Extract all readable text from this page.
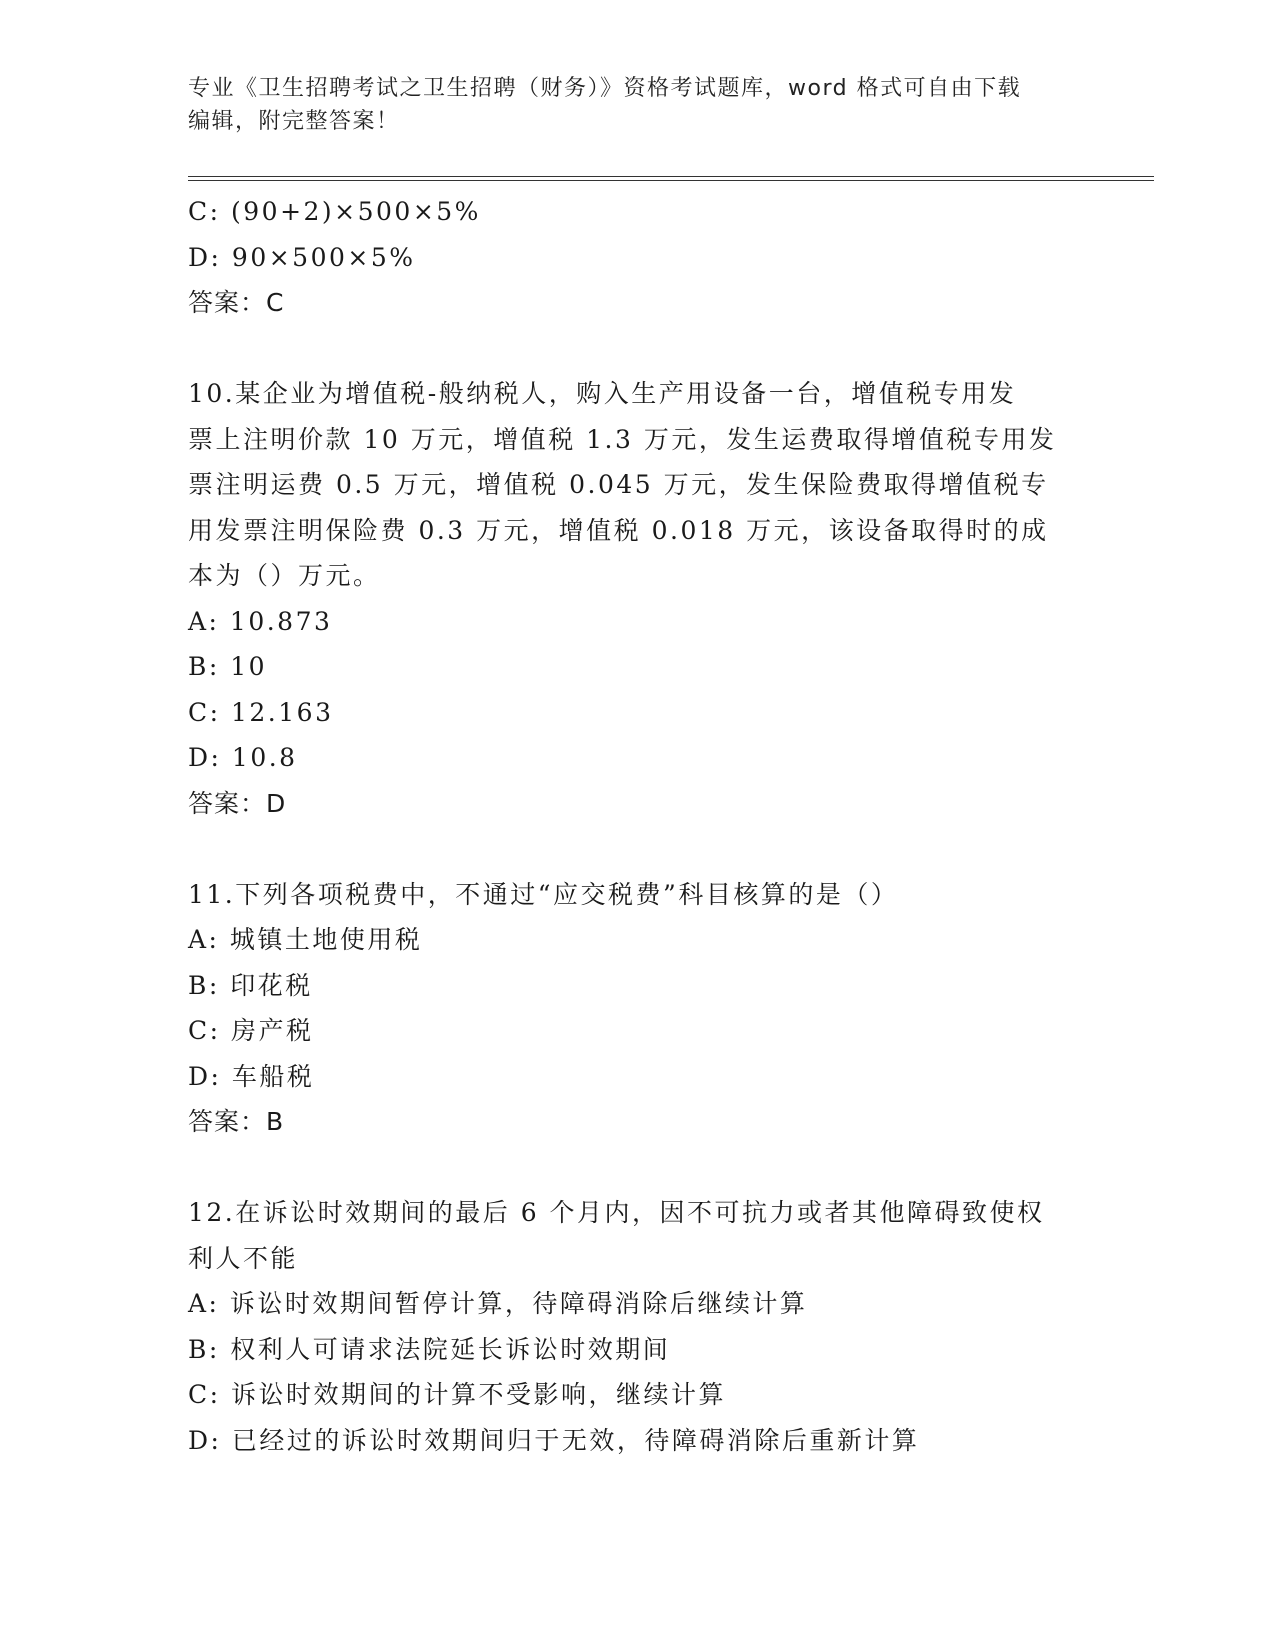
专业《卫生招聘考试之卫生招聘（财务）》资格考试题库，word 格式可自由下载
编辑，附完整答案！
C: (90+2)×500×5%
D: 90×500×5%
答案：C
10.某企业为增值税-般纳税人，购入生产用设备一台，增值税专用发
票上注明价款 10 万元，增值税 1.3 万元，发生运费取得增值税专用发
票注明运费 0.5 万元，增值税 0.045 万元，发生保险费取得增值税专
用发票注明保险费 0.3 万元，增值税 0.018 万元，该设备取得时的成
本为（）万元。
A: 10.873
B: 10
C: 12.163
D: 10.8
答案：D
11.下列各项税费中，不通过“应交税费”科目核算的是（）
A: 城镇土地使用税
B: 印花税
C: 房产税
D: 车船税
答案：B
12.在诉讼时效期间的最后 6 个月内，因不可抗力或者其他障碍致使权
利人不能
A: 诉讼时效期间暂停计算，待障碍消除后继续计算
B: 权利人可请求法院延长诉讼时效期间
C: 诉讼时效期间的计算不受影响，继续计算
D: 已经过的诉讼时效期间归于无效，待障碍消除后重新计算
